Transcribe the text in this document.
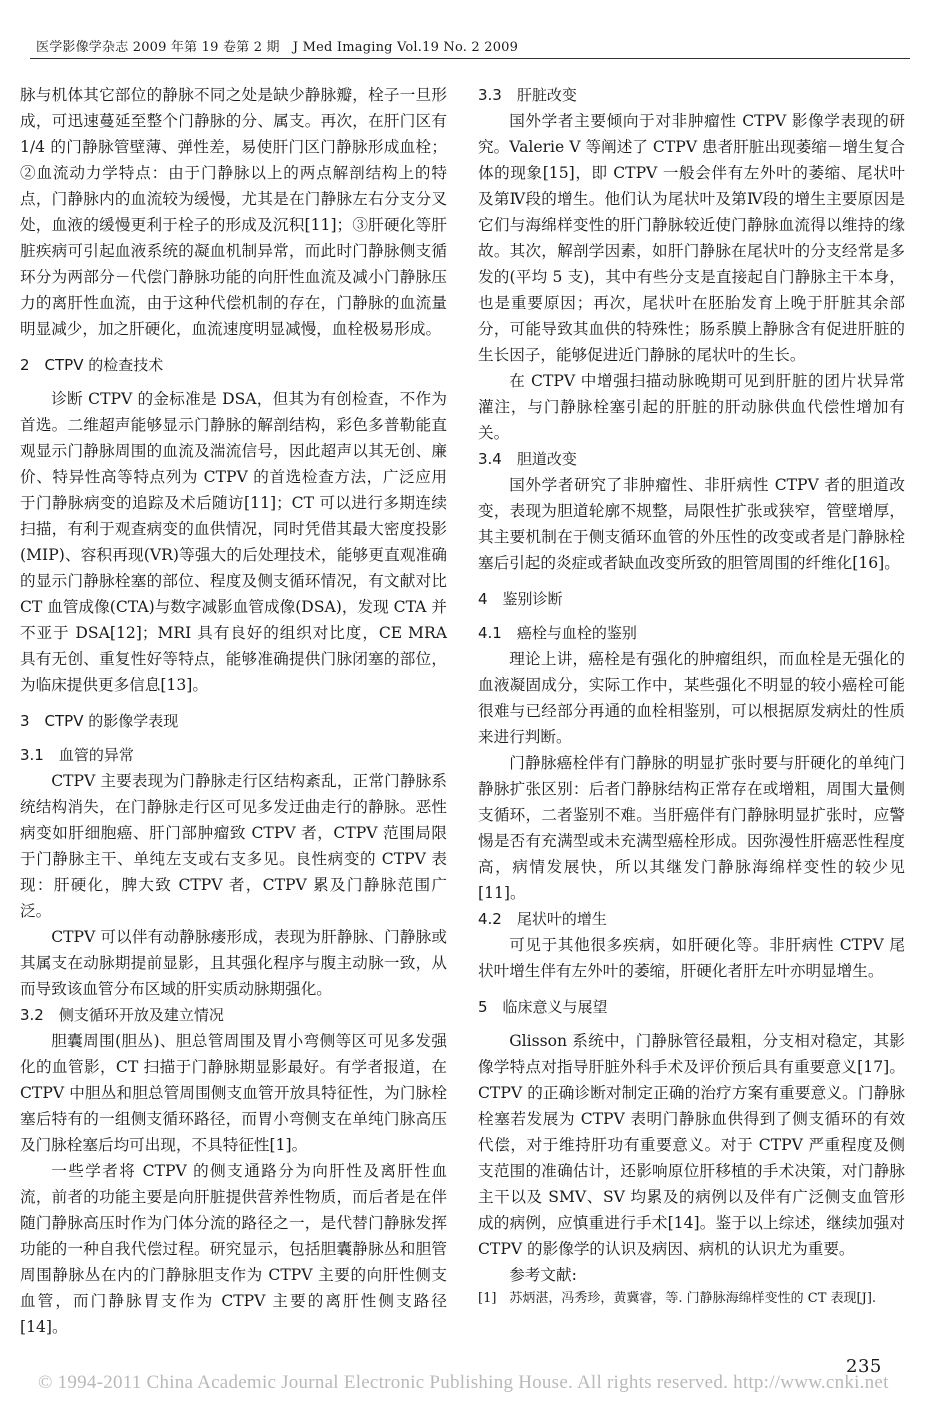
医学影像学杂志 2009 年第 19 卷第 2 期　J Med Imaging Vol.19 No. 2 2009

脉与机体其它部位的静脉不同之处是缺少静脉瓣，栓子一旦形成，可迅速蔓延至整个门静脉的分、属支。再次，在肝门区有 1/4 的门静脉管壁薄、弹性差，易使肝门区门静脉形成血栓；②血流动力学特点：由于门静脉以上的两点解剖结构上的特点，门静脉内的血流较为缓慢，尤其是在门静脉左右分支分叉处，血液的缓慢更利于栓子的形成及沉积[11]；③肝硬化等肝脏疾病可引起血液系统的凝血机制异常，而此时门静脉侧支循环分为两部分－代偿门静脉功能的向肝性血流及减小门静脉压力的离肝性血流，由于这种代偿机制的存在，门静脉的血流量明显减少，加之肝硬化，血流速度明显减慢，血栓极易形成。

2　CTPV 的检查技术

诊断 CTPV 的金标准是 DSA，但其为有创检查，不作为首选。二维超声能够显示门静脉的解剖结构，彩色多普勒能直观显示门静脉周围的血流及湍流信号，因此超声以其无创、廉价、特异性高等特点列为 CTPV 的首选检查方法，广泛应用于门静脉病变的追踪及术后随访[11]；CT 可以进行多期连续扫描，有利于观查病变的血供情况，同时凭借其最大密度投影(MIP)、容积再现(VR)等强大的后处理技术，能够更直观准确的显示门静脉栓塞的部位、程度及侧支循环情况，有文献对比 CT 血管成像(CTA)与数字减影血管成像(DSA)，发现 CTA 并不亚于 DSA[12]；MRI 具有良好的组织对比度，CE MRA 具有无创、重复性好等特点，能够准确提供门脉闭塞的部位，为临床提供更多信息[13]。

3　CTPV 的影像学表现
3.1　血管的异常

CTPV 主要表现为门静脉走行区结构紊乱，正常门静脉系统结构消失，在门静脉走行区可见多发迂曲走行的静脉。恶性病变如肝细胞癌、肝门部肿瘤致 CTPV 者，CTPV 范围局限于门静脉主干、单纯左支或右支多见。良性病变的 CTPV 表现：肝硬化，脾大致 CTPV 者，CTPV 累及门静脉范围广泛。

CTPV 可以伴有动静脉瘘形成，表现为肝静脉、门静脉或其属支在动脉期提前显影，且其强化程序与腹主动脉一致，从而导致该血管分布区域的肝实质动脉期强化。

3.2　侧支循环开放及建立情况

胆囊周围(胆丛)、胆总管周围及胃小弯侧等区可见多发强化的血管影，CT 扫描于门静脉期显影最好。有学者报道，在 CTPV 中胆丛和胆总管周围侧支血管开放具特征性，为门脉栓塞后特有的一组侧支循环路径，而胃小弯侧支在单纯门脉高压及门脉栓塞后均可出现，不具特征性[1]。

一些学者将 CTPV 的侧支通路分为向肝性及离肝性血流，前者的功能主要是向肝脏提供营养性物质，而后者是在伴随门静脉高压时作为门体分流的路径之一，是代替门静脉发挥功能的一种自我代偿过程。研究显示，包括胆囊静脉丛和胆管周围静脉丛在内的门静脉胆支作为 CTPV 主要的向肝性侧支血管，而门静脉胃支作为 CTPV 主要的离肝性侧支路径[14]。

3.3　肝脏改变

国外学者主要倾向于对非肿瘤性 CTPV 影像学表现的研究。Valerie V 等阐述了 CTPV 患者肝脏出现萎缩－增生复合体的现象[15]，即 CTPV 一般会伴有左外叶的萎缩、尾状叶及第Ⅳ段的增生。他们认为尾状叶及第Ⅳ段的增生主要原因是它们与海绵样变性的肝门静脉较近使门静脉血流得以维持的缘故。其次，解剖学因素，如肝门静脉在尾状叶的分支经常是多发的(平均 5 支)，其中有些分支是直接起自门静脉主干本身，也是重要原因；再次，尾状叶在胚胎发育上晚于肝脏其余部分，可能导致其血供的特殊性；肠系膜上静脉含有促进肝脏的生长因子，能够促进近门静脉的尾状叶的生长。

在 CTPV 中增强扫描动脉晚期可见到肝脏的团片状异常灌注，与门静脉栓塞引起的肝脏的肝动脉供血代偿性增加有关。

3.4　胆道改变

国外学者研究了非肿瘤性、非肝病性 CTPV 者的胆道改变，表现为胆道轮廓不规整，局限性扩张或狭窄，管壁增厚，其主要机制在于侧支循环血管的外压性的改变或者是门静脉栓塞后引起的炎症或者缺血改变所致的胆管周围的纤维化[16]。

4　鉴别诊断
4.1　癌栓与血栓的鉴别

理论上讲，癌栓是有强化的肿瘤组织，而血栓是无强化的血液凝固成分，实际工作中，某些强化不明显的较小癌栓可能很难与已经部分再通的血栓相鉴别，可以根据原发病灶的性质来进行判断。

门静脉癌栓伴有门静脉的明显扩张时要与肝硬化的单纯门静脉扩张区别：后者门静脉结构正常存在或增粗，周围大量侧支循环，二者鉴别不难。当肝癌伴有门静脉明显扩张时，应警惕是否有充满型或未充满型癌栓形成。因弥漫性肝癌恶性程度高，病情发展快，所以其继发门静脉海绵样变性的较少见[11]。

4.2　尾状叶的增生

可见于其他很多疾病，如肝硬化等。非肝病性 CTPV 尾状叶增生伴有左外叶的萎缩，肝硬化者肝左叶亦明显增生。

5　临床意义与展望

Glisson 系统中，门静脉管径最粗，分支相对稳定，其影像学特点对指导肝脏外科手术及评价预后具有重要意义[17]。CTPV 的正确诊断对制定正确的治疗方案有重要意义。门静脉栓塞若发展为 CTPV 表明门静脉血供得到了侧支循环的有效代偿，对于维持肝功有重要意义。对于 CTPV 严重程度及侧支范围的准确估计，还影响原位肝移植的手术决策，对门静脉主干以及 SMV、SV 均累及的病例以及伴有广泛侧支血管形成的病例，应慎重进行手术[14]。鉴于以上综述，继续加强对 CTPV 的影像学的认识及病因、病机的认识尤为重要。

参考文献:

[1]　苏炳湛，冯秀珍，黄冀睿，等. 门静脉海绵样变性的 CT 表现[J].

235
© 1994-2011 China Academic Journal Electronic Publishing House. All rights reserved. http://www.cnki.net
